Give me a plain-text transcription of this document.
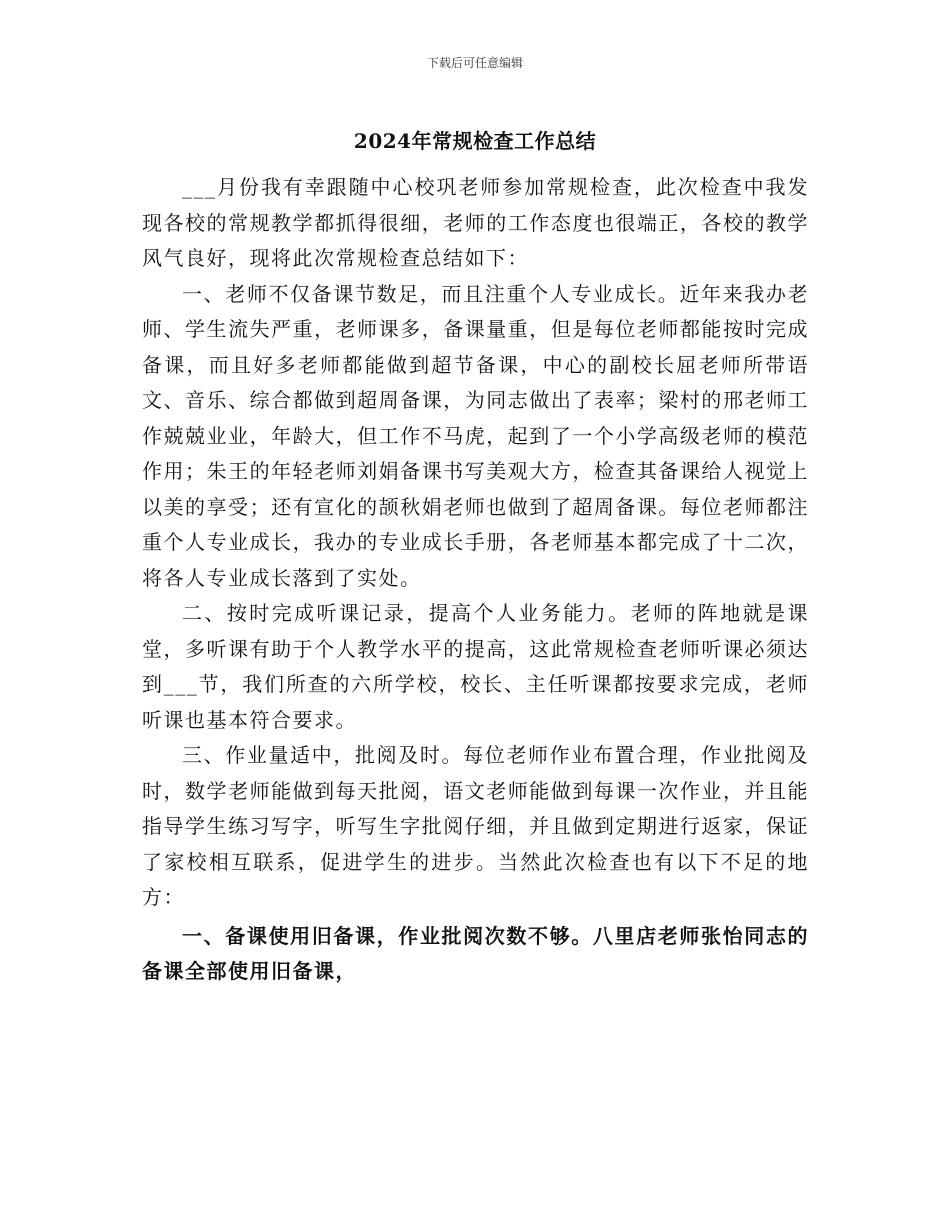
下载后可任意编辑
2024年常规检查工作总结

___月份我有幸跟随中心校巩老师参加常规检查，此次检查中我发现各校的常规教学都抓得很细，老师的工作态度也很端正，各校的教学风气良好，现将此次常规检查总结如下：

一、老师不仅备课节数足，而且注重个人专业成长。近年来我办老师、学生流失严重，老师课多，备课量重，但是每位老师都能按时完成备课，而且好多老师都能做到超节备课，中心的副校长屈老师所带语文、音乐、综合都做到超周备课，为同志做出了表率；梁村的邢老师工作兢兢业业，年龄大，但工作不马虎，起到了一个小学高级老师的模范作用；朱王的年轻老师刘娟备课书写美观大方，检查其备课给人视觉上以美的享受；还有宣化的颉秋娟老师也做到了超周备课。每位老师都注重个人专业成长，我办的专业成长手册，各老师基本都完成了十二次，将各人专业成长落到了实处。

二、按时完成听课记录，提高个人业务能力。老师的阵地就是课堂，多听课有助于个人教学水平的提高，这此常规检查老师听课必须达到___节，我们所查的六所学校，校长、主任听课都按要求完成，老师听课也基本符合要求。

三、作业量适中，批阅及时。每位老师作业布置合理，作业批阅及时，数学老师能做到每天批阅，语文老师能做到每课一次作业，并且能指导学生练习写字，听写生字批阅仔细，并且做到定期进行返家，保证了家校相互联系，促进学生的进步。当然此次检查也有以下不足的地方：

一、备课使用旧备课，作业批阅次数不够。八里店老师张怡同志的备课全部使用旧备课，
